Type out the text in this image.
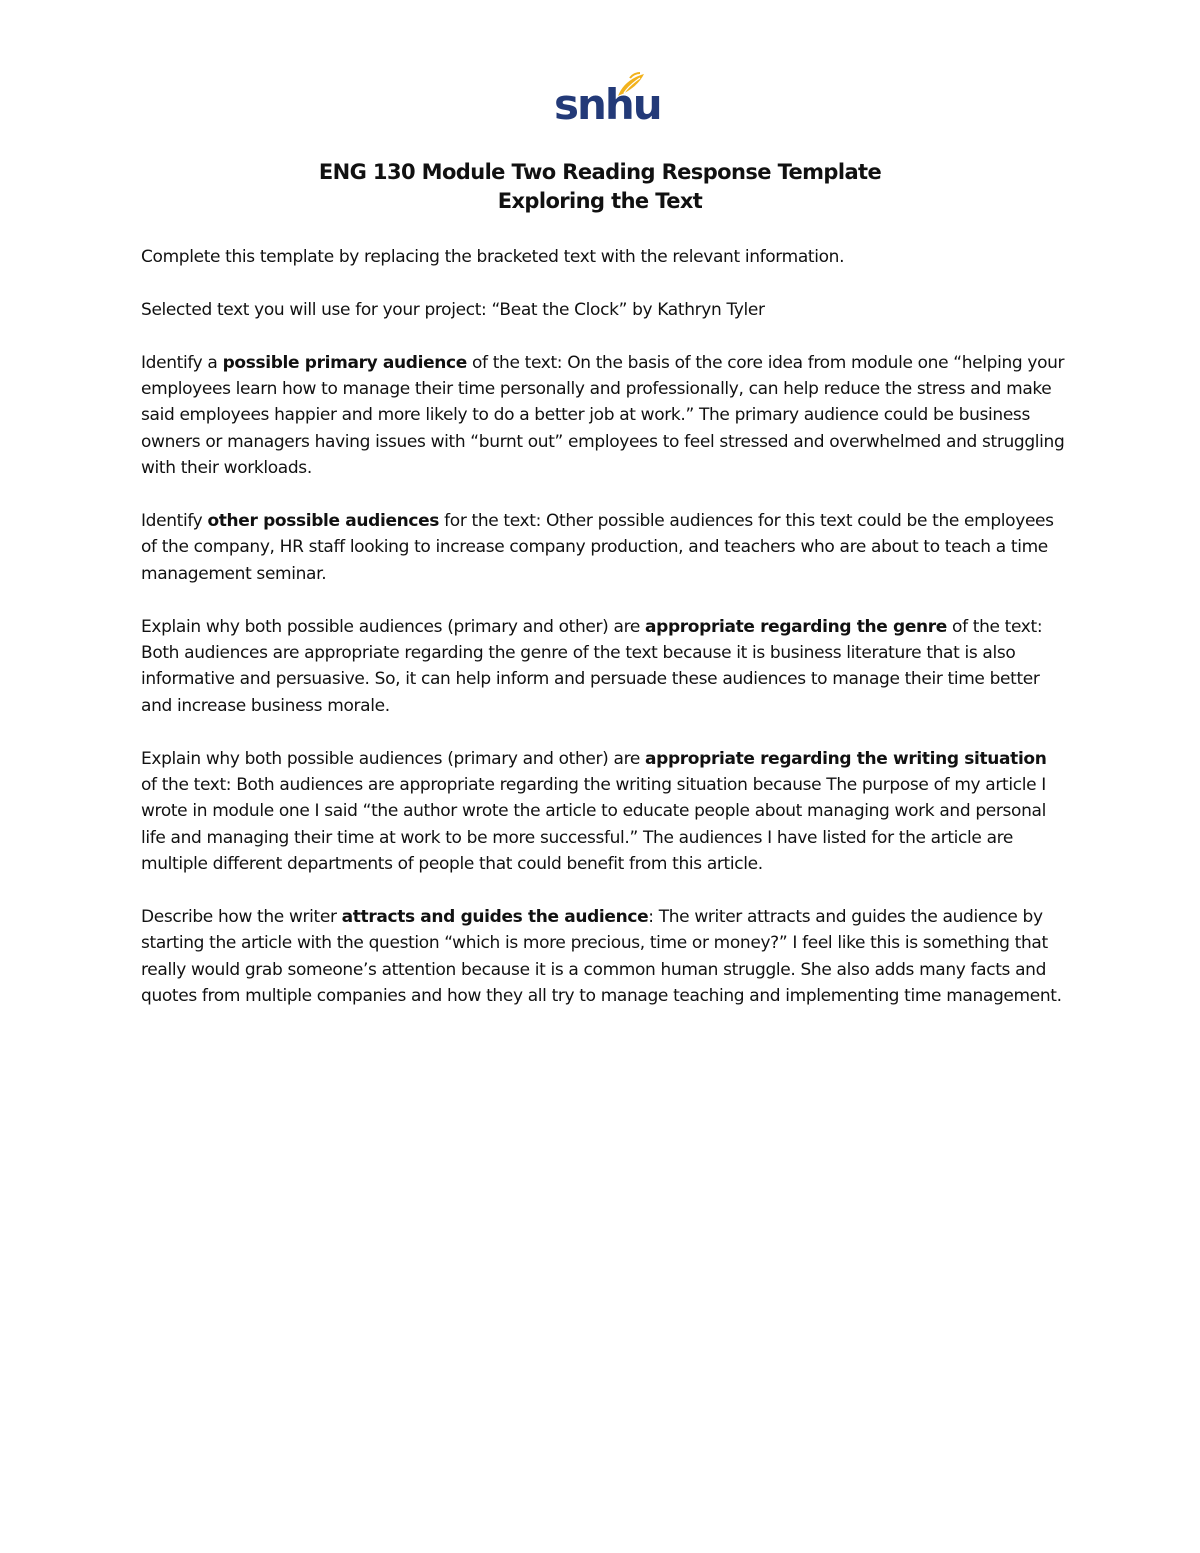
snhu
ENG 130 Module Two Reading Response Template
Exploring the Text

Complete this template by replacing the bracketed text with the relevant information.

Selected text you will use for your project: “Beat the Clock” by Kathryn Tyler

Identify a possible primary audience of the text: On the basis of the core idea from module one “helping your employees learn how to manage their time personally and professionally, can help reduce the stress and make said employees happier and more likely to do a better job at work.” The primary audience could be business owners or managers having issues with “burnt out” employees to feel stressed and overwhelmed and struggling with their workloads.

Identify other possible audiences for the text: Other possible audiences for this text could be the employees of the company, HR staff looking to increase company production, and teachers who are about to teach a time management seminar.

Explain why both possible audiences (primary and other) are appropriate regarding the genre of the text: Both audiences are appropriate regarding the genre of the text because it is business literature that is also informative and persuasive. So, it can help inform and persuade these audiences to manage their time better and increase business morale.

Explain why both possible audiences (primary and other) are appropriate regarding the writing situation of the text: Both audiences are appropriate regarding the writing situation because The purpose of my article I wrote in module one I said “the author wrote the article to educate people about managing work and personal life and managing their time at work to be more successful.” The audiences I have listed for the article are multiple different departments of people that could benefit from this article.

Describe how the writer attracts and guides the audience: The writer attracts and guides the audience by starting the article with the question “which is more precious, time or money?” I feel like this is something that really would grab someone’s attention because it is a common human struggle. She also adds many facts and quotes from multiple companies and how they all try to manage teaching and implementing time management.
